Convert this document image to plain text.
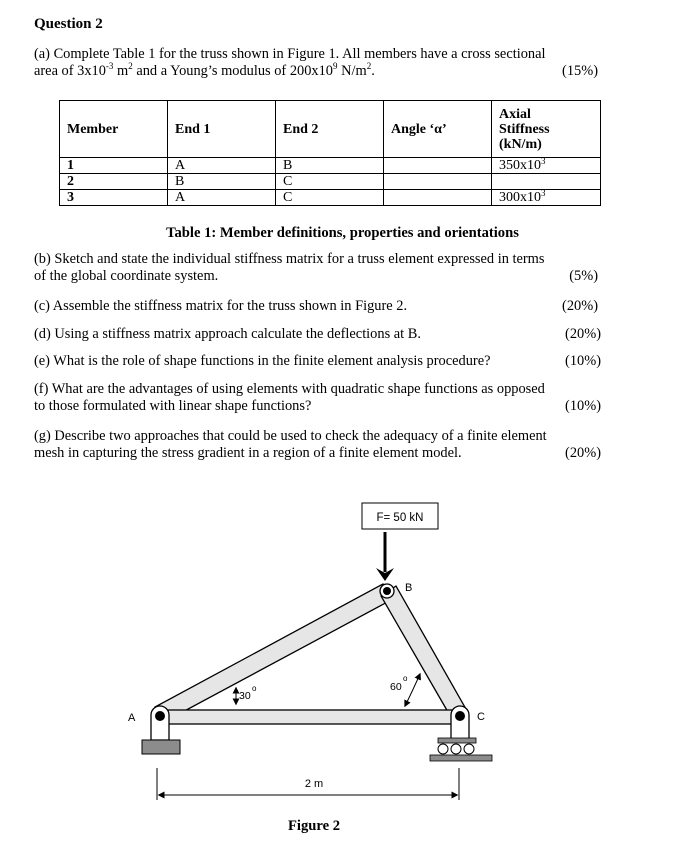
Question 2
(a) Complete Table 1 for the truss shown in Figure 1. All members have a cross sectional
area of $3x10^{-3}$ $m^2$ and a Young’s modulus of $200x10^9$ $N/m^2$.	(15%)
Member	End 1	End 2	Angle ‘α’	Axial
Stiffness
(kN/m)

1	A	B		$350x10^3$
2	B	C		
3	A	C		$300x10^3$
Table 1: Member definitions, properties and orientations
(b) Sketch and state the individual stiffness matrix for a truss element expressed in terms
of the global coordinate system.	(5%)
(c) Assemble the stiffness matrix for the truss shown in Figure 2.	(20%)
(d) Using a stiffness matrix approach calculate the deflections at B.	(20%)
(e) What is the role of shape functions in the finite element analysis procedure?	(10%)
(f) What are the advantages of using elements with quadratic shape functions as opposed
to those formulated with linear shape functions?	(10%)
(g) Describe two approaches that could be used to check the adequacy of a finite element
mesh in capturing the stress gradient in a region of a finite element model.	(20%)
F= 50 kN
B
A	C
30
o	60
o
2 m
Figure 2
